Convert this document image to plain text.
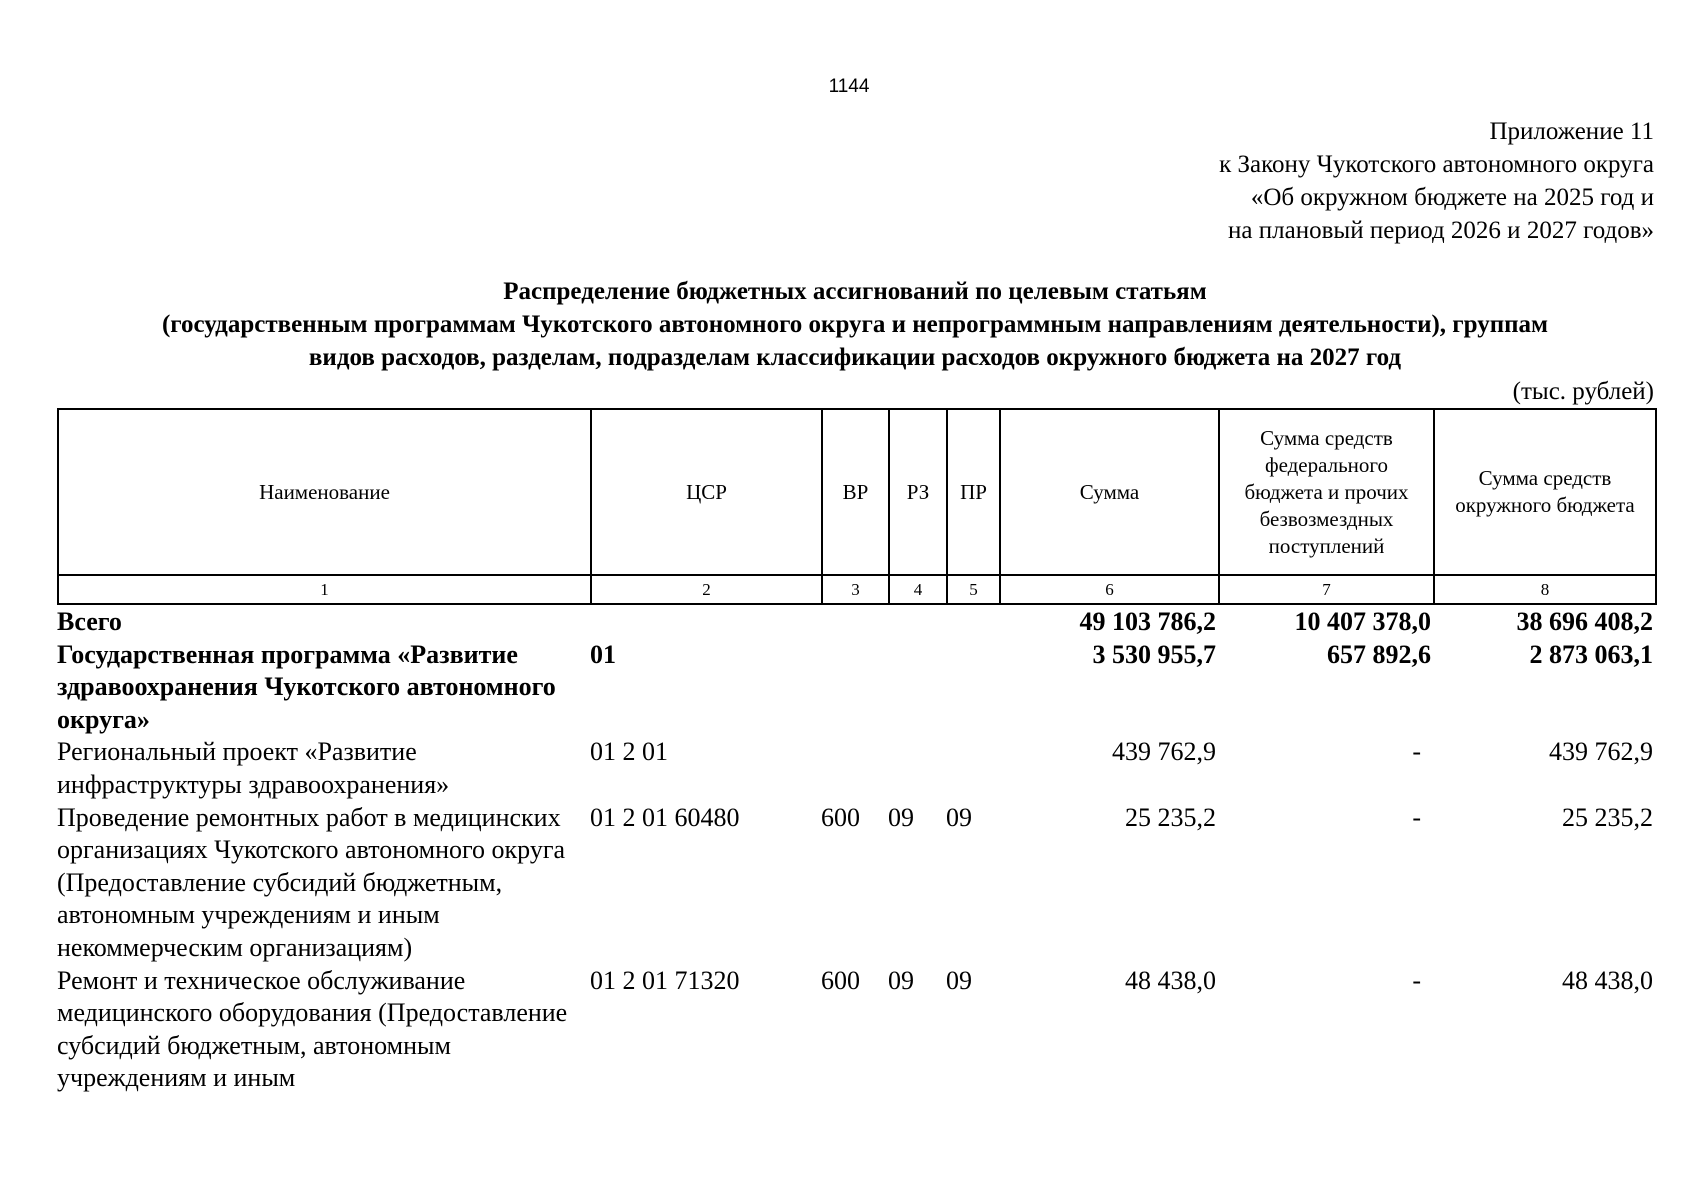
1144
Приложение 11
к Закону Чукотского автономного округа
«Об окружном бюджете на 2025 год и
на плановый период 2026 и 2027 годов»
Распределение бюджетных ассигнований по целевым статьям
(государственным программам Чукотского автономного округа и непрограммным направлениям деятельности), группам
видов расходов, разделам, подразделам классификации расходов окружного бюджета на 2027 год
(тыс. рублей)
Наименование	ЦСР	ВР	РЗ	ПР	Сумма	Сумма средств федерального бюджета и прочих безвозмездных поступлений	Сумма средств окружного бюджета
1	2	3	4	5	6	7	8
Всего					49 103 786,2	10 407 378,0	38 696 408,2
Государственная программа «Развитие здравоохранения Чукотского автономного округа»	01				3 530 955,7	657 892,6	2 873 063,1
Региональный проект «Развитие инфраструктуры здравоохранения»	01 2 01				439 762,9	-	439 762,9
Проведение ремонтных работ в медицинских организациях Чукотского автономного округа (Предоставление субсидий бюджетным, автономным учреждениям и иным некоммерческим организациям)	01 2 01 60480	600	09	09	25 235,2	-	25 235,2
Ремонт и техническое обслуживание медицинского оборудования (Предоставление субсидий бюджетным, автономным учреждениям и иным	01 2 01 71320	600	09	09	48 438,0	-	48 438,0
